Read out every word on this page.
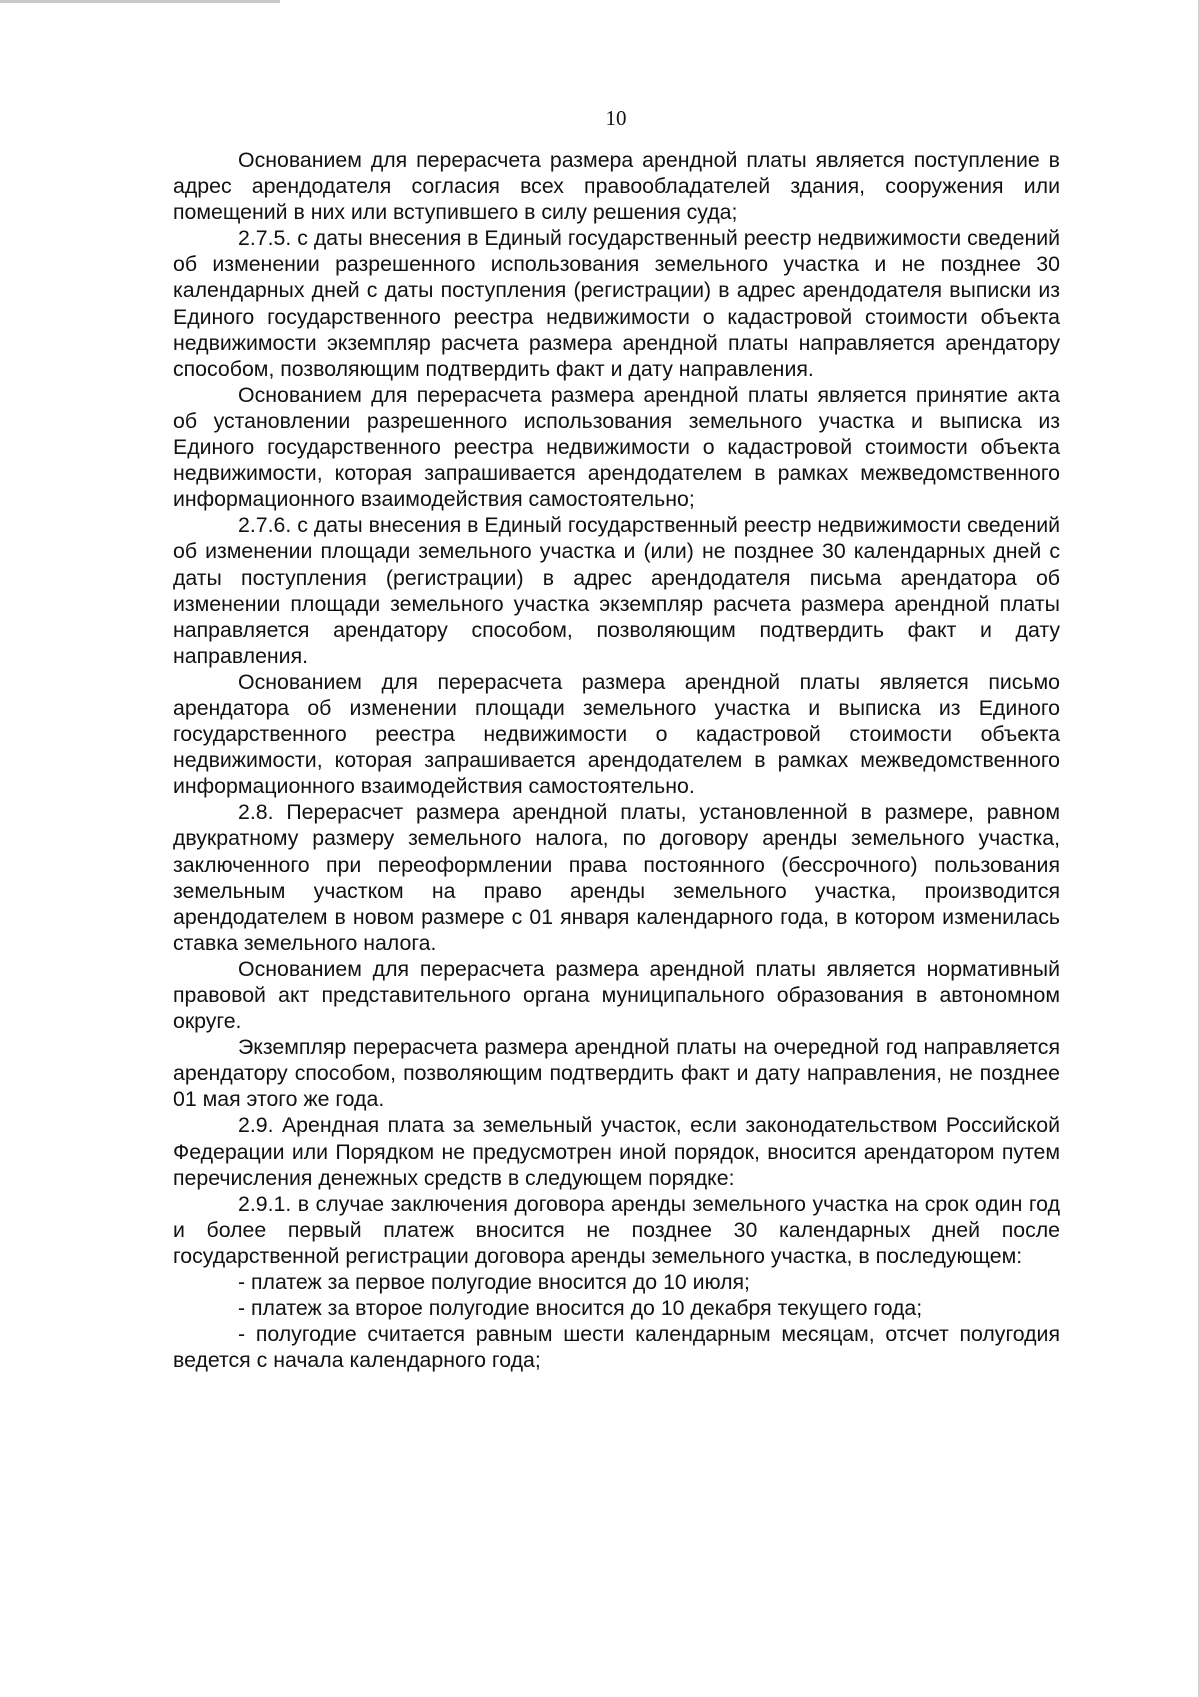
10

Основанием для перерасчета размера арендной платы является поступление в адрес арендодателя согласия всех правообладателей здания, сооружения или помещений в них или вступившего в силу решения суда;

2.7.5. с даты внесения в Единый государственный реестр недвижимости сведений об изменении разрешенного использования земельного участка и не позднее 30 календарных дней с даты поступления (регистрации) в адрес арендодателя выписки из Единого государственного реестра недвижимости о кадастровой стоимости объекта недвижимости экземпляр расчета размера арендной платы направляется арендатору способом, позволяющим подтвердить факт и дату направления.

Основанием для перерасчета размера арендной платы является принятие акта об установлении разрешенного использования земельного участка и выписка из Единого государственного реестра недвижимости о кадастровой стоимости объекта недвижимости, которая запрашивается арендодателем в рамках межведомственного информационного взаимодействия самостоятельно;

2.7.6. с даты внесения в Единый государственный реестр недвижимости сведений об изменении площади земельного участка и (или) не позднее 30 календарных дней с даты поступления (регистрации) в адрес арендодателя письма арендатора об изменении площади земельного участка экземпляр расчета размера арендной платы направляется арендатору способом, позволяющим подтвердить факт и дату направления.

Основанием для перерасчета размера арендной платы является письмо арендатора об изменении площади земельного участка и выписка из Единого государственного реестра недвижимости о кадастровой стоимости объекта недвижимости, которая запрашивается арендодателем в рамках межведомственного информационного взаимодействия самостоятельно.

2.8. Перерасчет размера арендной платы, установленной в размере, равном двукратному размеру земельного налога, по договору аренды земельного участка, заключенного при переоформлении права постоянного (бессрочного) пользования земельным участком на право аренды земельного участка, производится арендодателем в новом размере с 01 января календарного года, в котором изменилась ставка земельного налога.

Основанием для перерасчета размера арендной платы является нормативный правовой акт представительного органа муниципального образования в автономном округе.

Экземпляр перерасчета размера арендной платы на очередной год направляется арендатору способом, позволяющим подтвердить факт и дату направления, не позднее 01 мая этого же года.

2.9. Арендная плата за земельный участок, если законодательством Российской Федерации или Порядком не предусмотрен иной порядок, вносится арендатором путем перечисления денежных средств в следующем порядке:

2.9.1. в случае заключения договора аренды земельного участка на срок один год и более первый платеж вносится не позднее 30 календарных дней после государственной регистрации договора аренды земельного участка, в последующем:

- платеж за первое полугодие вносится до 10 июля;

- платеж за второе полугодие вносится до 10 декабря текущего года;

- полугодие считается равным шести календарным месяцам, отсчет полугодия ведется с начала календарного года;
